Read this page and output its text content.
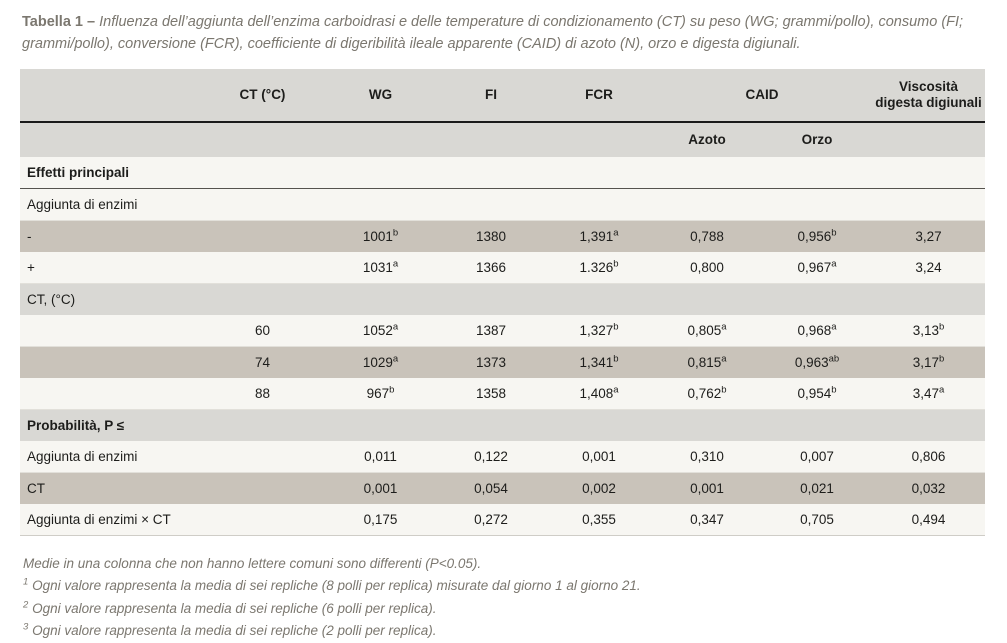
Tabella 1 – Influenza dell’aggiunta dell’enzima carboidrasi e delle temperature di condizionamento (CT) su peso (WG; grammi/pollo), consumo (FI; grammi/pollo), conversione (FCR), coefficiente di digeribilità ileale apparente (CAID) di azoto (N), orzo e digesta digiunali.

	CT (°C)	WG	FI	FCR	CAID		Viscosità digesta digiunali
					Azoto	Orzo	
Effetti principali							
Aggiunta di enzimi							
-		1001$^b$	1380	1,391$^a$	0,788	0,956$^b$	3,27
+		1031$^a$	1366	1.326$^b$	0,800	0,967$^a$	3,24
CT, (°C)							
	60	1052$^a$	1387	1,327$^b$	0,805$^a$	0,968$^a$	3,13$^b$
	74	1029$^a$	1373	1,341$^b$	0,815$^a$	0,963$^{ab}$	3,17$^b$
	88	967$^b$	1358	1,408$^a$	0,762$^b$	0,954$^b$	3,47$^a$
Probabilità, P ≤							
Aggiunta di enzimi		0,011	0,122	0,001	0,310	0,007	0,806
CT		0,001	0,054	0,002	0,001	0,021	0,032
Aggiunta di enzimi × CT		0,175	0,272	0,355	0,347	0,705	0,494
Medie in una colonna che non hanno lettere comuni sono differenti (P<0.05).
$^1$ Ogni valore rappresenta la media di sei repliche (8 polli per replica) misurate dal giorno 1 al giorno 21.
$^2$ Ogni valore rappresenta la media di sei repliche (6 polli per replica).
$^3$ Ogni valore rappresenta la media di sei repliche (2 polli per replica).
